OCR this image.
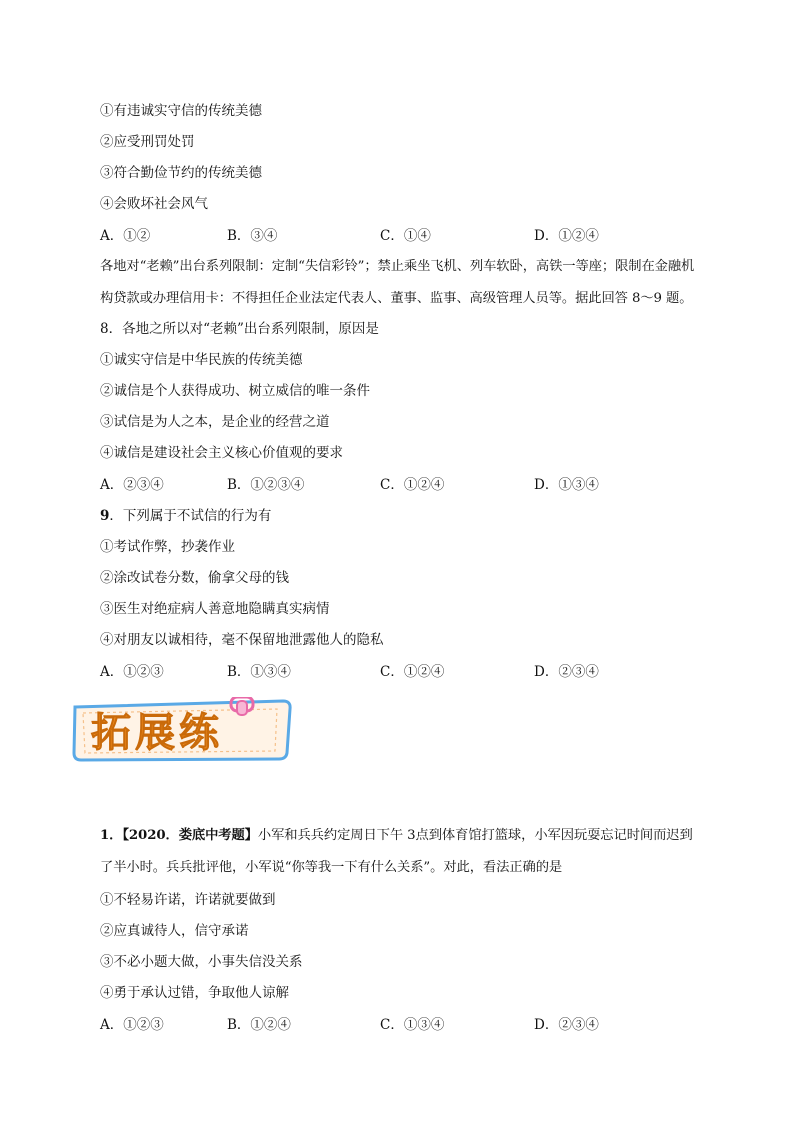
①有违诚实守信的传统美德
②应受刑罚处罚
③符合勤俭节约的传统美德
④会败坏社会风气
A．①②	B．③④	C．①④	D．①②④
各地对“老赖”出台系列限制：定制“失信彩铃”；禁止乘坐飞机、列车软卧，高铁一等座；限制在金融机构贷款或办理信用卡：不得担任企业法定代表人、董事、监事、高级管理人员等。据此回答 8～9 题。
8．各地之所以对“老赖”出台系列限制，原因是
①诚实守信是中华民族的传统美德
②诚信是个人获得成功、树立威信的唯一条件
③试信是为人之本，是企业的经营之道
④诚信是建设社会主义核心价值观的要求
A．②③④	B．①②③④	C．①②④	D．①③④
9．下列属于不试信的行为有
①考试作弊，抄袭作业
②涂改试卷分数，偷拿父母的钱
③医生对绝症病人善意地隐瞒真实病情
④对朋友以诚相待，毫不保留地泄露他人的隐私
A．①②③	B．①③④	C．①②④	D．②③④
拓展练
1．【2020．娄底中考题】小军和兵兵约定周日下午 3点到体育馆打篮球，小军因玩耍忘记时间而迟到了半小时。兵兵批评他，小军说“你等我一下有什么关系”。对此，看法正确的是
①不轻易许诺，许诺就要做到
②应真诚待人，信守承诺
③不必小题大做，小事失信没关系
④勇于承认过错，争取他人谅解
A．①②③	B．①②④	C．①③④	D．②③④
